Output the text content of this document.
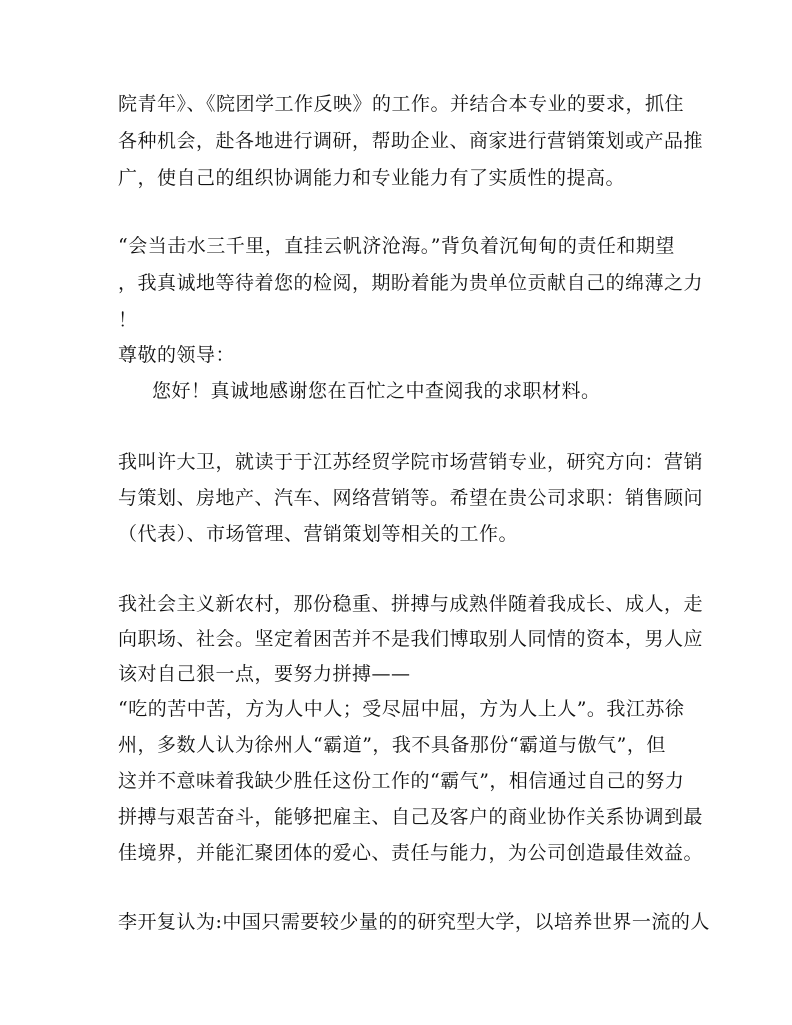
院青年》、《院团学工作反映》的工作。并结合本专业的要求，抓住
各种机会，赴各地进行调研，帮助企业、商家进行营销策划或产品推
广，使自己的组织协调能力和专业能力有了实质性的提高。
“会当击水三千里，直挂云帆济沧海。”背负着沉甸甸的责任和期望
，我真诚地等待着您的检阅，期盼着能为贵单位贡献自己的绵薄之力
！
尊敬的领导：
您好！真诚地感谢您在百忙之中查阅我的求职材料。
我叫许大卫，就读于于江苏经贸学院市场营销专业，研究方向：营销
与策划、房地产、汽车、网络营销等。希望在贵公司求职：销售顾问
（代表）、市场管理、营销策划等相关的工作。
我社会主义新农村，那份稳重、拼搏与成熟伴随着我成长、成人，走
向职场、社会。坚定着困苦并不是我们博取别人同情的资本，男人应
该对自己狠一点，要努力拼搏——
“吃的苦中苦，方为人中人；受尽屈中屈，方为人上人”。我江苏徐
州，多数人认为徐州人“霸道”，我不具备那份“霸道与傲气”，但
这并不意味着我缺少胜任这份工作的“霸气”，相信通过自己的努力
拼搏与艰苦奋斗，能够把雇主、自己及客户的商业协作关系协调到最
佳境界，并能汇聚团体的爱心、责任与能力，为公司创造最佳效益。
李开复认为:中国只需要较少量的的研究型大学，以培养世界一流的人
